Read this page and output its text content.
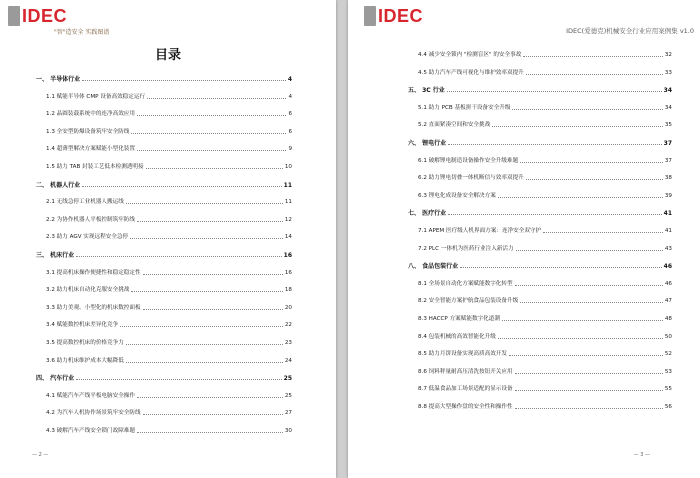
IDEC
"智"造安全 实践图谱
目录
一、 半导体行业	4
1.1 赋能半导体 CMP 设备高效稳定运行	4
1.2 晶圆装载系统中的连净高效应用	6
1.3 全安型防爆设备筑牢安全防线	6
1.4 超薄型解决方案赋能小型化装置	9
1.5 助力 TAB 封装工艺低本检测透明接	10
二、 机器人行业	11
2.1 无线急停工业机器人搬运线	11
2.2 为协作机器人平板控制筑牢防线	12
2.3 助力 AGV 实现远程安全急停	14
三、 机床行业	16
3.1 提高机床操作便捷性和稳定稳定性	16
3.2 助力机床自动化克服安全挑战	18
3.3 助力美观、小型化的机床数控面板	20
3.4 赋能数控机床差异化竞争	22
3.5 提高数控机床的价格竞争力	23
3.6 助力机床维护成本大幅降低	24
四、 汽车行业	25
4.1 赋能汽车产线平板电脑安全操作	25
4.2 为汽车人机协作场景筑牢安全防线	27
4.3 破解汽车产线安全锁门故障难题	30
— 2 —
IDEC
IDEC(爱德克)机械安全行业应用案例集 v1.0
4.4 减少安全锁内 "检测盲区" 的安全事故	32
4.5 助力汽车产线可视化与维护效率双提升	33
五、 3C 行业	34
5.1 助力 PCB 基板拼干设备安全升级	34
5.2 直面紧凑空间和安全挑战	35
六、 锂电行业	37
6.1 破解锂电制造设备操作安全升级难题	37
6.2 助力锂电切叠一体机断信与效率双提升	38
6.3 锂电化成设备安全解决方案	39
七、 医疗行业	41
7.1 APEM 医疗级人机界面方案：连净安全双守护	41
7.2 PLC 一体机为医药行业注入新活力	43
八、 食品包装行业	46
8.1 全场景自动化方案赋能数字化转型	46
8.2 安全智能方案护航食品包装设备升级	47
8.3 HACCP 方案赋能数字化道潮	48
8.4 包装机械的高效智能化升级	50
8.5 助力月饼设备实现高质高效开发	52
8.6 饲料秤量耐高压清洗按钮开关应用	53
8.7 低温食品加工场景适配的显示设备	55
8.8 提高大型操作盘的安全性和操作性	56
— 3 —
